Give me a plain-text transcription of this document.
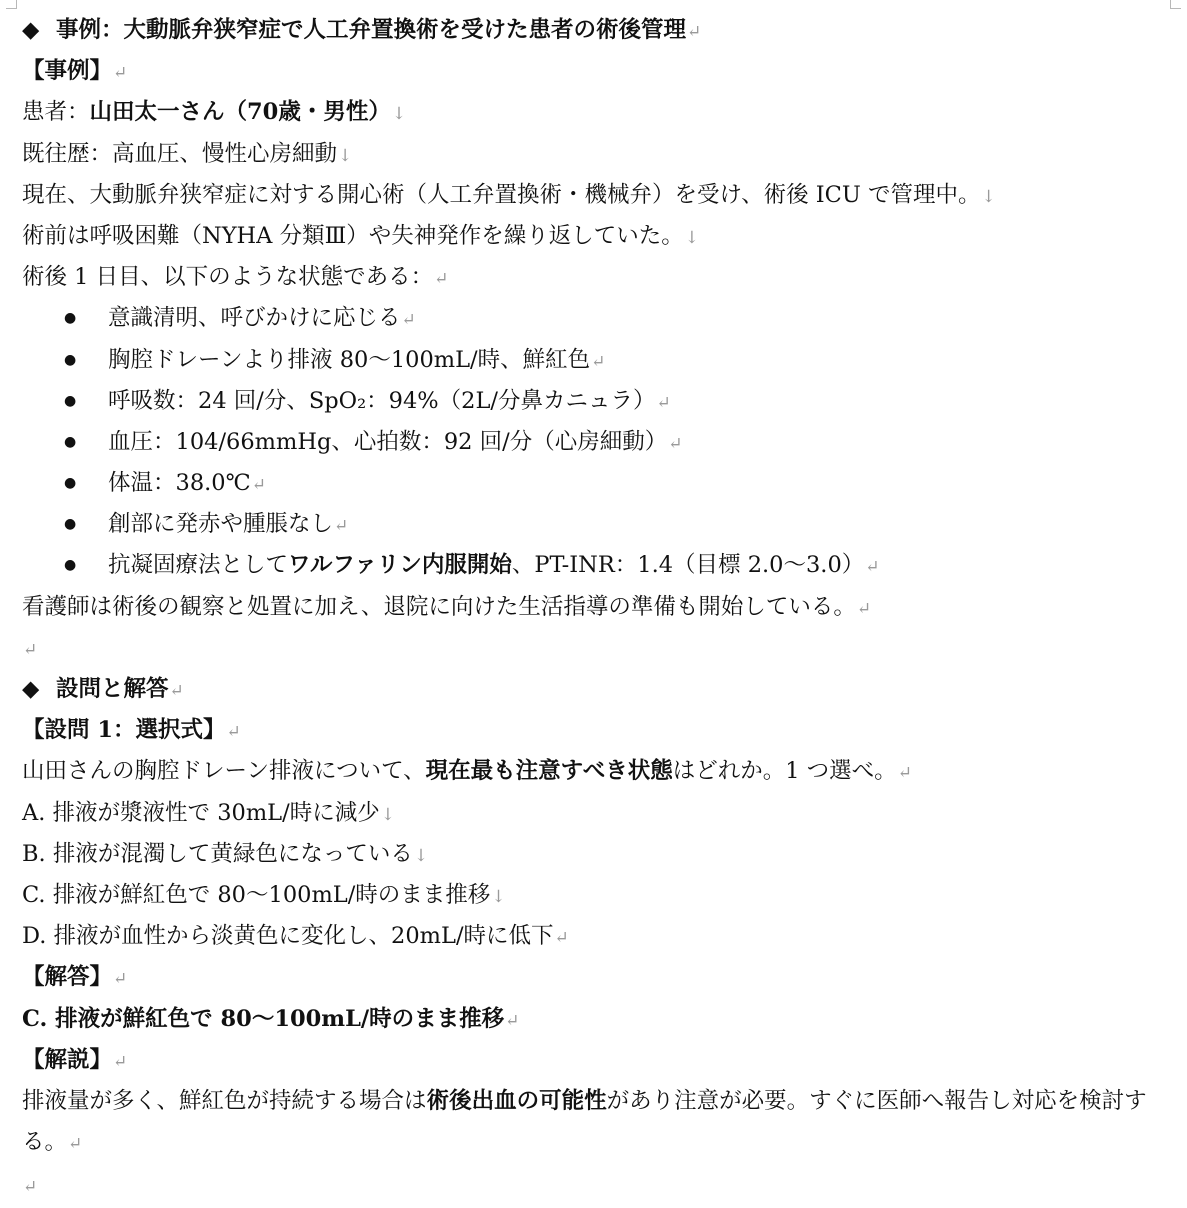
◆ 事例：大動脈弁狭窄症で人工弁置換術を受けた患者の術後管理↵
【事例】↵
患者：山田太一さん（70歳・男性）↓
既往歴：高血圧、慢性心房細動↓
現在、大動脈弁狭窄症に対する開心術（人工弁置換術・機械弁）を受け、術後 ICU で管理中。↓
術前は呼吸困難（NYHA 分類Ⅲ）や失神発作を繰り返していた。↓
術後 1 日目、以下のような状態である：↵
● 意識清明、呼びかけに応じる↵
● 胸腔ドレーンより排液 80〜100mL/時、鮮紅色↵
● 呼吸数：24 回/分、SpO₂：94%（2L/分鼻カニュラ）↵
● 血圧：104/66mmHg、心拍数：92 回/分（心房細動）↵
● 体温：38.0℃↵
● 創部に発赤や腫脹なし↵
● 抗凝固療法としてワルファリン内服開始、PT-INR：1.4（目標 2.0〜3.0）↵
看護師は術後の観察と処置に加え、退院に向けた生活指導の準備も開始している。↵
↵
◆ 設問と解答↵
【設問 1：選択式】↵
山田さんの胸腔ドレーン排液について、現在最も注意すべき状態はどれか。1 つ選べ。↵
A. 排液が漿液性で 30mL/時に減少↓
B. 排液が混濁して黄緑色になっている↓
C. 排液が鮮紅色で 80〜100mL/時のまま推移↓
D. 排液が血性から淡黄色に変化し、20mL/時に低下↵
【解答】↵
C. 排液が鮮紅色で 80〜100mL/時のまま推移↵
【解説】↵
排液量が多く、鮮紅色が持続する場合は術後出血の可能性があり注意が必要。すぐに医師へ報告し対応を検討する。↵
↵
